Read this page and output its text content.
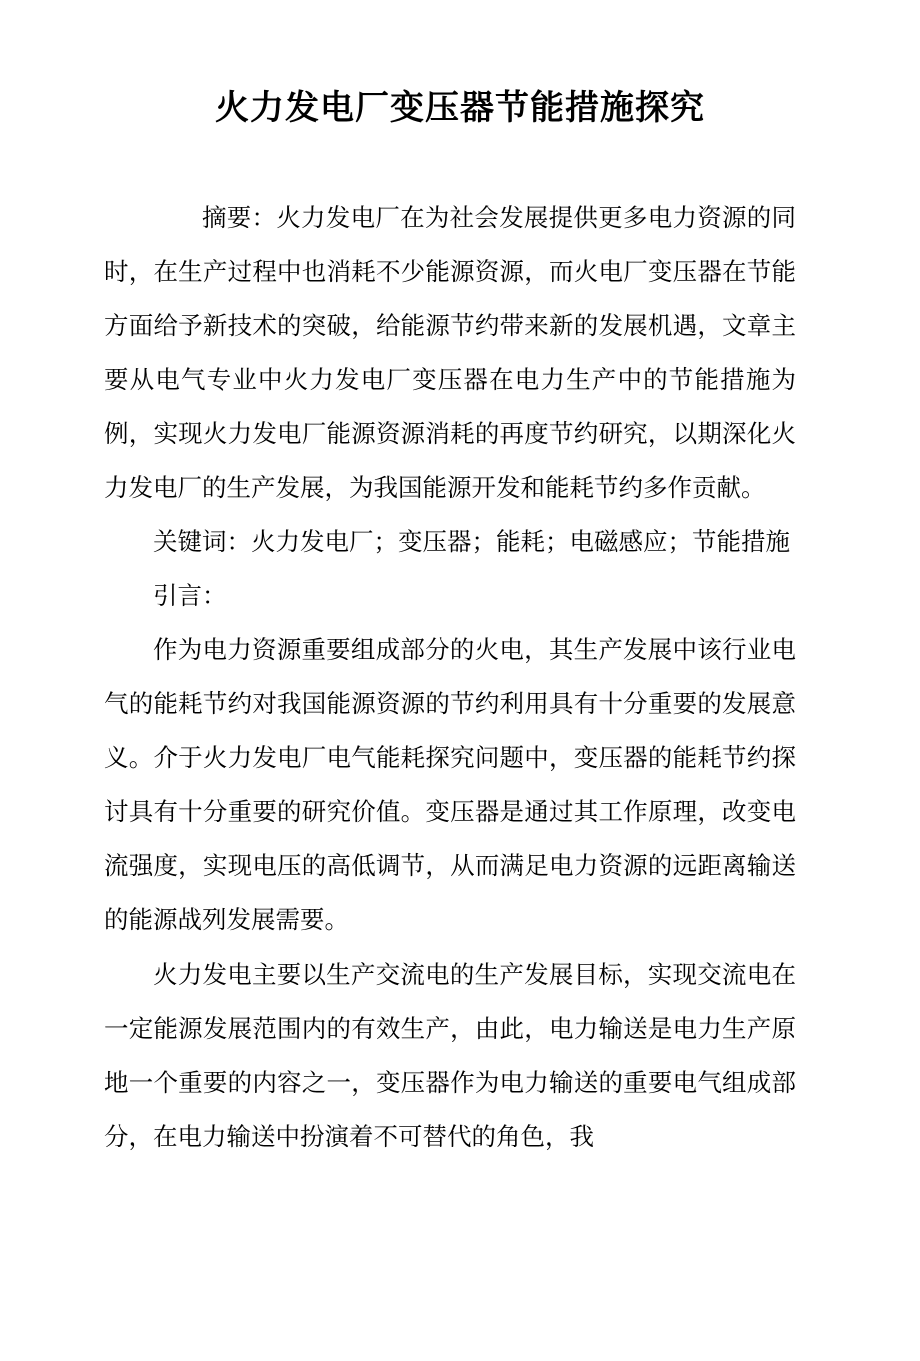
火力发电厂变压器节能措施探究

摘要：火力发电厂在为社会发展提供更多电力资源的同时，在生产过程中也消耗不少能源资源，而火电厂变压器在节能方面给予新技术的突破，给能源节约带来新的发展机遇，文章主要从电气专业中火力发电厂变压器在电力生产中的节能措施为例，实现火力发电厂能源资源消耗的再度节约研究，以期深化火力发电厂的生产发展，为我国能源开发和能耗节约多作贡献。

关键词：火力发电厂；变压器；能耗；电磁感应；节能措施

引言：

作为电力资源重要组成部分的火电，其生产发展中该行业电气的能耗节约对我国能源资源的节约利用具有十分重要的发展意义。介于火力发电厂电气能耗探究问题中，变压器的能耗节约探讨具有十分重要的研究价值。变压器是通过其工作原理，改变电流强度，实现电压的高低调节，从而满足电力资源的远距离输送的能源战列发展需要。

火力发电主要以生产交流电的生产发展目标，实现交流电在一定能源发展范围内的有效生产，由此，电力输送是电力生产原地一个重要的内容之一，变压器作为电力输送的重要电气组成部分，在电力输送中扮演着不可替代的角色，我
